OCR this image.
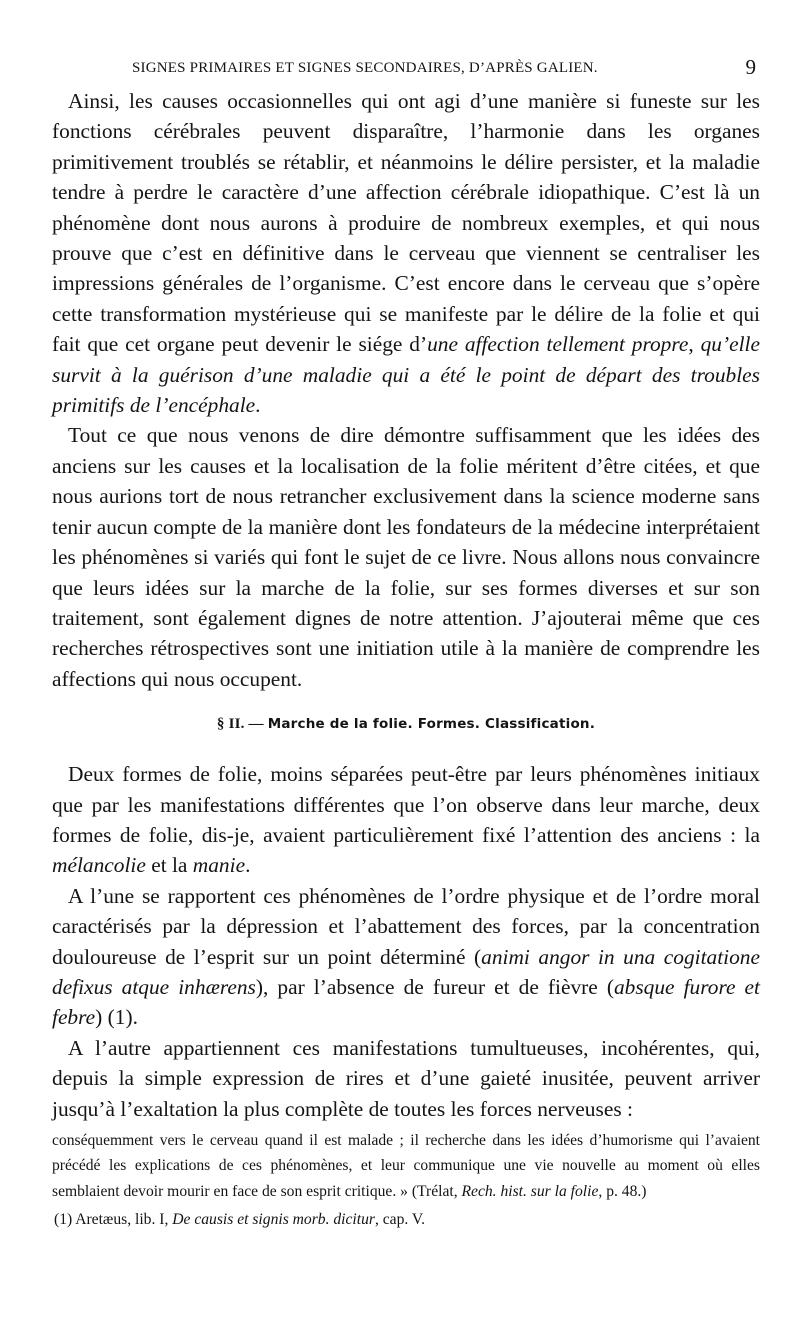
SIGNES PRIMAIRES ET SIGNES SECONDAIRES, D’APRÈS GALIEN.	9

Ainsi, les causes occasionnelles qui ont agi d’une manière si funeste sur les fonctions cérébrales peuvent disparaître, l’harmonie dans les organes primitivement troublés se rétablir, et néanmoins le délire persister, et la maladie tendre à perdre le caractère d’une affection cérébrale idiopathique. C’est là un phénomène dont nous aurons à produire de nombreux exemples, et qui nous prouve que c’est en définitive dans le cerveau que viennent se centraliser les impressions générales de l’organisme. C’est encore dans le cerveau que s’opère cette transformation mystérieuse qui se manifeste par le délire de la folie et qui fait que cet organe peut devenir le siége d’une affection tellement propre, qu’elle survit à la guérison d’une maladie qui a été le point de départ des troubles primitifs de l’encéphale.

Tout ce que nous venons de dire démontre suffisamment que les idées des anciens sur les causes et la localisation de la folie méritent d’être citées, et que nous aurions tort de nous retrancher exclusivement dans la science moderne sans tenir aucun compte de la manière dont les fondateurs de la médecine interprétaient les phénomènes si variés qui font le sujet de ce livre. Nous allons nous convaincre que leurs idées sur la marche de la folie, sur ses formes diverses et sur son traitement, sont également dignes de notre attention. J’ajouterai même que ces recherches rétrospectives sont une initiation utile à la manière de comprendre les affections qui nous occupent.

§ II. — Marche de la folie. Formes. Classification.

Deux formes de folie, moins séparées peut-être par leurs phénomènes initiaux que par les manifestations différentes que l’on observe dans leur marche, deux formes de folie, dis-je, avaient particulièrement fixé l’attention des anciens : la mélancolie et la manie.

A l’une se rapportent ces phénomènes de l’ordre physique et de l’ordre moral caractérisés par la dépression et l’abattement des forces, par la concentration douloureuse de l’esprit sur un point déterminé (animi angor in una cogitatione defixus atque inhærens), par l’absence de fureur et de fièvre (absque furore et febre) (1).

A l’autre appartiennent ces manifestations tumultueuses, incohérentes, qui, depuis la simple expression de rires et d’une gaieté inusitée, peuvent arriver jusqu’à l’exaltation la plus complète de toutes les forces nerveuses :

conséquemment vers le cerveau quand il est malade ; il recherche dans les idées d’humorisme qui l’avaient précédé les explications de ces phénomènes, et leur communique une vie nouvelle au moment où elles semblaient devoir mourir en face de son esprit critique. » (Trélat, Rech. hist. sur la folie, p. 48.)

(1) Aretæus, lib. I, De causis et signis morb. dicitur, cap. V.
